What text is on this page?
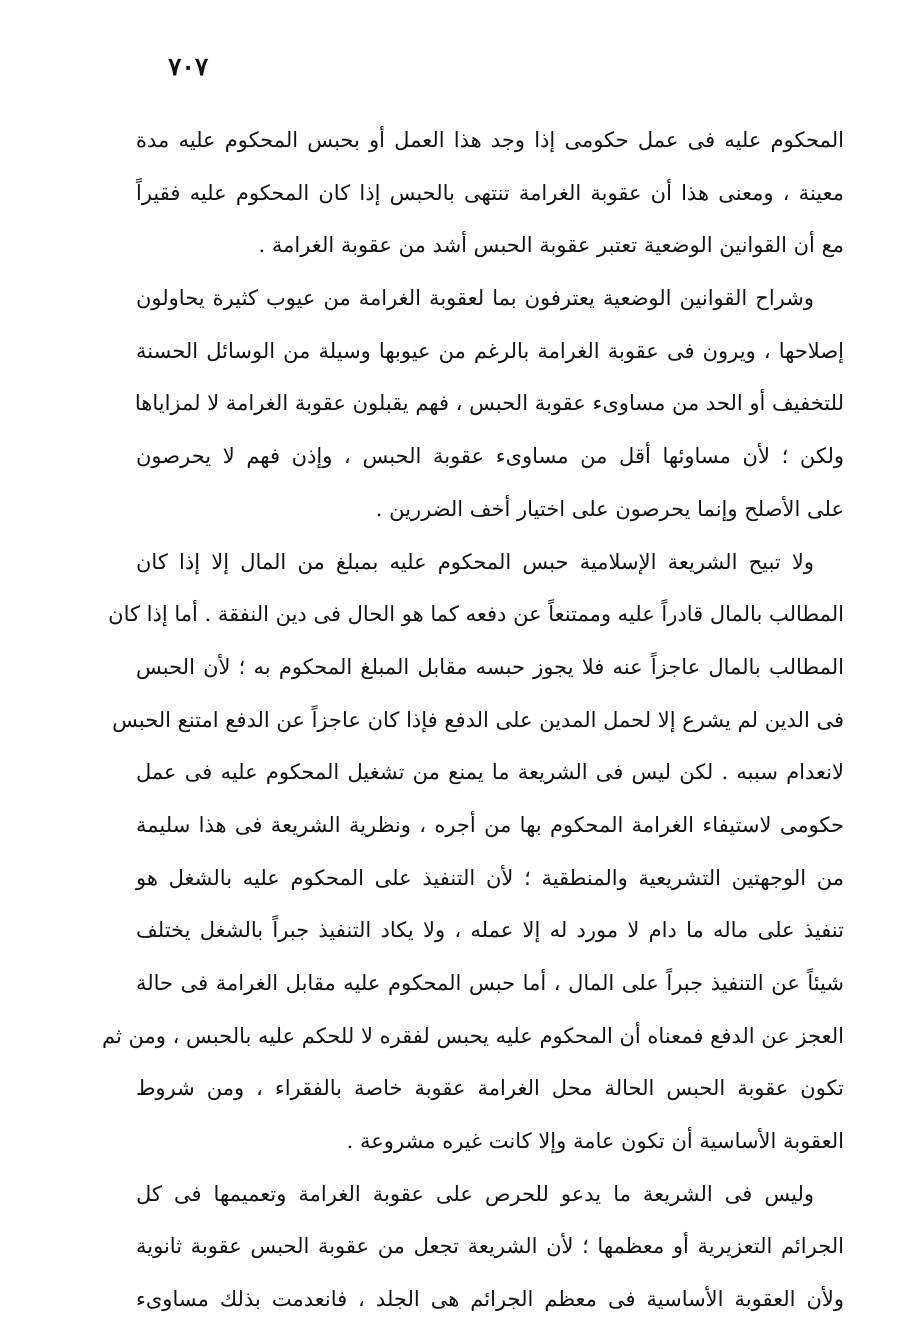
٧٠٧
المحكوم عليه فى عمل حكومى إذا وجد هذا العمل أو بحبس المحكوم عليه مدة
معينة ، ومعنى هذا أن عقوبة الغرامة تنتهى بالحبس إذا كان المحكوم عليه فقيراً
مع أن القوانين الوضعية تعتبر عقوبة الحبس أشد من عقوبة الغرامة .
وشراح القوانين الوضعية يعترفون بما لعقوبة الغرامة من عيوب كثيرة يحاولون
إصلاحها ، ويرون فى عقوبة الغرامة بالرغم من عيوبها وسيلة من الوسائل الحسنة
للتخفيف أو الحد من مساوىء عقوبة الحبس ، فهم يقبلون عقوبة الغرامة لا لمزاياها
ولكن ؛ لأن مساوئها أقل من مساوىء عقوبة الحبس ، وإذن فهم لا يحرصون
على الأصلح وإنما يحرصون على اختيار أخف الضررين .
ولا تبيح الشريعة الإسلامية حبس المحكوم عليه بمبلغ من المال إلا إذا كان
المطالب بالمال قادراً عليه وممتنعاً عن دفعه كما هو الحال فى دين النفقة . أما إذا كان
المطالب بالمال عاجزاً عنه فلا يجوز حبسه مقابل المبلغ المحكوم به ؛ لأن الحبس
فى الدين لم يشرع إلا لحمل المدين على الدفع فإذا كان عاجزاً عن الدفع امتنع الحبس
لانعدام سببه . لكن ليس فى الشريعة ما يمنع من تشغيل المحكوم عليه فى عمل
حكومى لاستيفاء الغرامة المحكوم بها من أجره ، ونظرية الشريعة فى هذا سليمة
من الوجهتين التشريعية والمنطقية ؛ لأن التنفيذ على المحكوم عليه بالشغل هو
تنفيذ على ماله ما دام لا مورد له إلا عمله ، ولا يكاد التنفيذ جبراً بالشغل يختلف
شيئاً عن التنفيذ جبراً على المال ، أما حبس المحكوم عليه مقابل الغرامة فى حالة
العجز عن الدفع فمعناه أن المحكوم عليه يحبس لفقره لا للحكم عليه بالحبس ، ومن ثم
تكون عقوبة الحبس الحالة محل الغرامة عقوبة خاصة بالفقراء ، ومن شروط
العقوبة الأساسية أن تكون عامة وإلا كانت غيره مشروعة .
وليس فى الشريعة ما يدعو للحرص على عقوبة الغرامة وتعميمها فى كل
الجرائم التعزيرية أو معظمها ؛ لأن الشريعة تجعل من عقوبة الحبس عقوبة ثانوية
ولأن العقوبة الأساسية فى معظم الجرائم هى الجلد ، فانعدمت بذلك مساوىء
